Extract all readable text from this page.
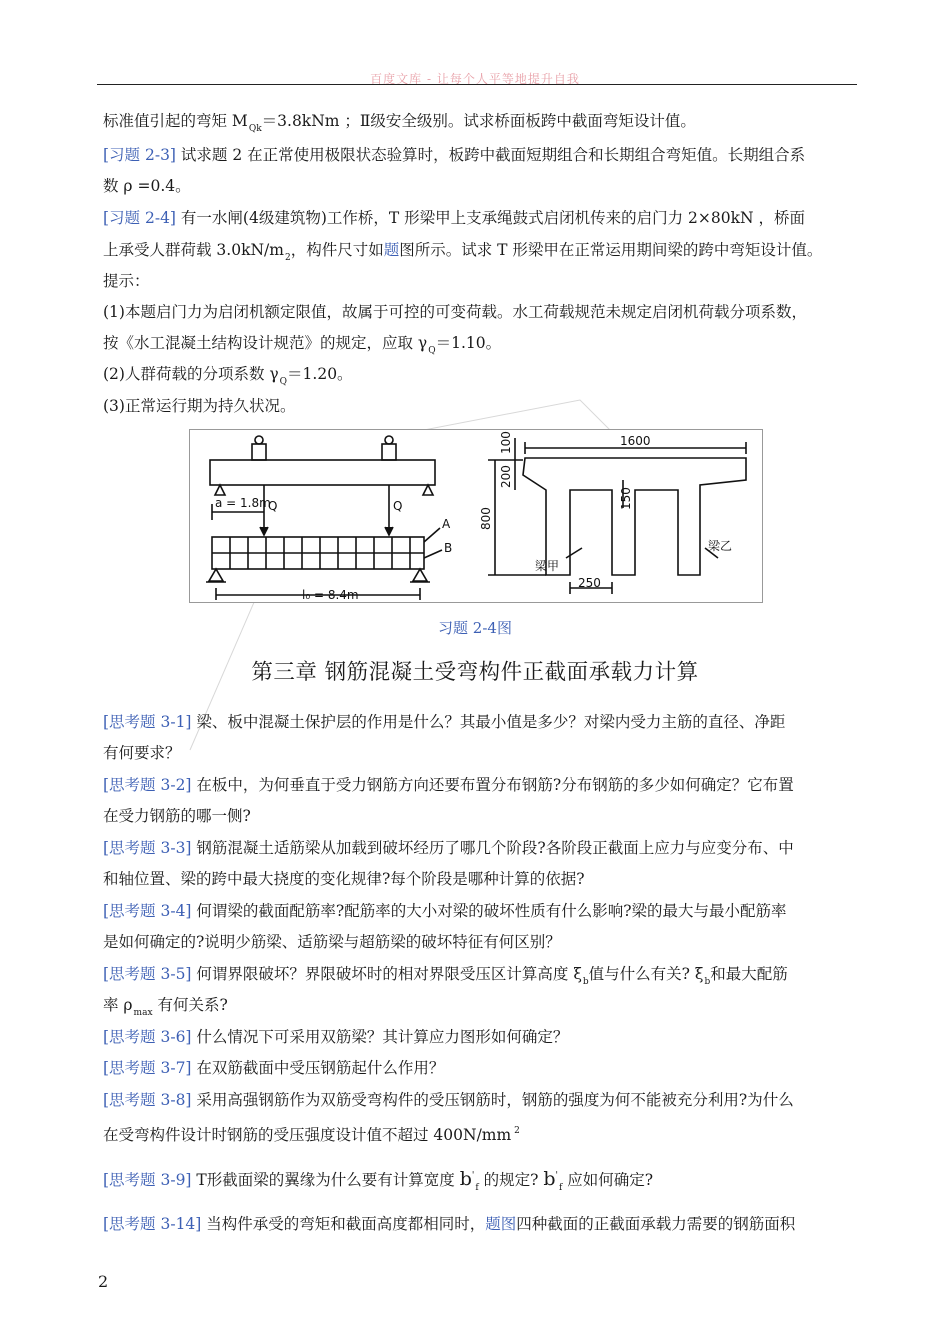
百度文库 - 让每个人平等地提升自我
标准值引起的弯矩 $M_{Qk}=3.8kNm$ ；Ⅱ级安全级别。试求桥面板跨中截面弯矩设计值。
[习题 2-3] 试求题 2 在正常使用极限状态验算时，板跨中截面短期组合和长期组合弯矩值。长期组合系
数 ρ =0.4。
[习题 2-4] 有一水闸(4级建筑物)工作桥，T 形梁甲上支承绳鼓式启闭机传来的启门力 2×80kN ，桥面
上承受人群荷载 $3.0kN/m_2$，构件尺寸如题图所示。试求 T 形梁甲在正常运用期间梁的跨中弯矩设计值。
提示：
(1)本题启门力为启闭机额定限值，故属于可控的可变荷载。水工荷载规范未规定启闭机荷载分项系数，
按《水工混凝土结构设计规范》的规定，应取 $\gamma_Q=1.10$。
(2)人群荷载的分项系数 $\gamma_Q=1.20$。
(3)正常运行期为持久状况。
a = 1.8m
Q	Q
A
B
l₀ = 8.4m
1600
100
200
150
800
250
梁甲
梁乙
习题 2-4图
第三章 钢筋混凝土受弯构件正截面承载力计算
[思考题 3-1] 梁、板中混凝土保护层的作用是什么？其最小值是多少？对梁内受力主筋的直径、净距
有何要求？
[思考题 3-2] 在板中，为何垂直于受力钢筋方向还要布置分布钢筋?分布钢筋的多少如何确定？它布置
在受力钢筋的哪一侧?
[思考题 3-3] 钢筋混凝土适筋梁从加载到破坏经历了哪几个阶段?各阶段正截面上应力与应变分布、中
和轴位置、梁的跨中最大挠度的变化规律?每个阶段是哪种计算的依据?
[思考题 3-4] 何谓梁的截面配筋率?配筋率的大小对梁的破坏性质有什么影响?梁的最大与最小配筋率
是如何确定的?说明少筋梁、适筋梁与超筋梁的破坏特征有何区别？
[思考题 3-5] 何谓界限破坏？界限破坏时的相对界限受压区计算高度 $\xi_b$值与什么有关? $\xi_b$和最大配筋
率 $\rho_{max}$ 有何关系?
[思考题 3-6] 什么情况下可采用双筋梁？其计算应力图形如何确定？
[思考题 3-7] 在双筋截面中受压钢筋起什么作用？
[思考题 3-8] 采用高强钢筋作为双筋受弯构件的受压钢筋时，钢筋的强度为何不能被充分利用?为什么
在受弯构件设计时钢筋的受压强度设计值不超过 400N/mm $^2$
[思考题 3-9] T形截面梁的翼缘为什么要有计算宽度 $b'_f$ 的规定? $b'_f$ 应如何确定?
[思考题 3-14] 当构件承受的弯矩和截面高度都相同时，题图四种截面的正截面承载力需要的钢筋面积
2
